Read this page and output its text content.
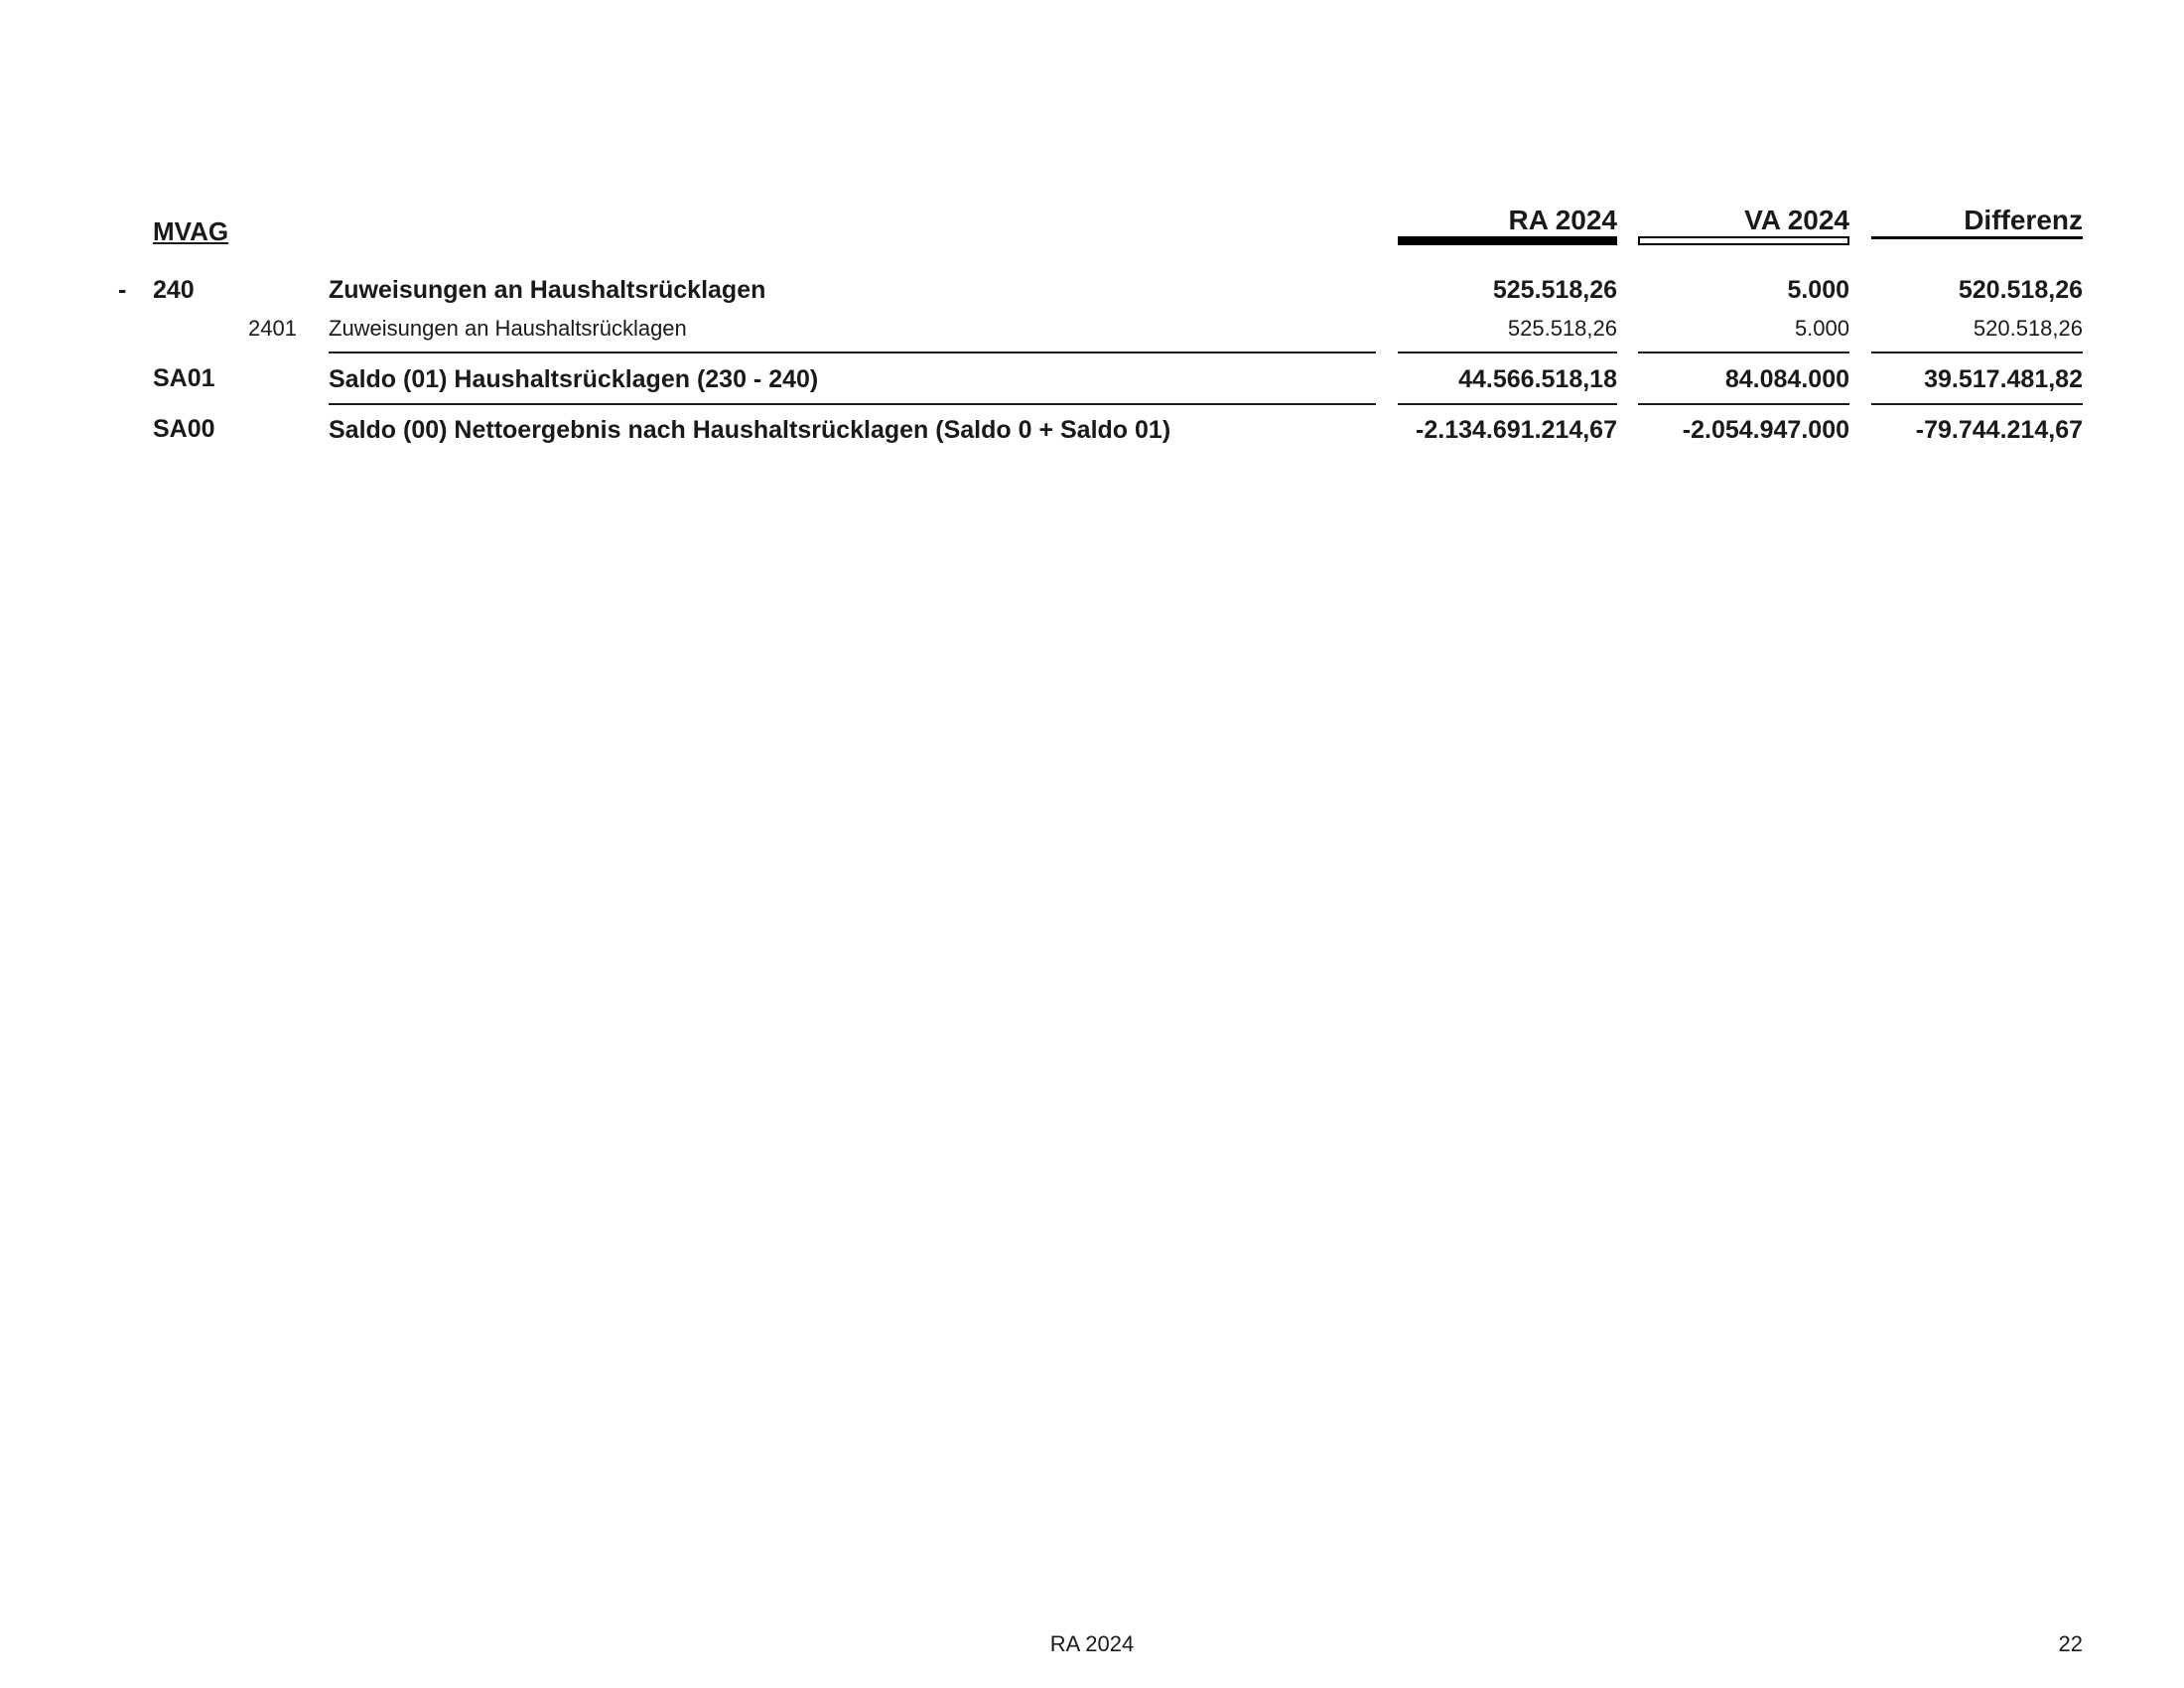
MVAG	RA 2024	VA 2024	Differenz
- 240	Zuweisungen an Haushaltsrücklagen	525.518,26	5.000	520.518,26
2401 Zuweisungen an Haushaltsrücklagen	525.518,26	5.000	520.518,26
SA01	Saldo (01) Haushaltsrücklagen (230 - 240)	44.566.518,18	84.084.000	39.517.481,82
SA00	Saldo (00) Nettoergebnis nach Haushaltsrücklagen (Saldo 0 + Saldo 01)	-2.134.691.214,67	-2.054.947.000	-79.744.214,67
RA 2024	22
